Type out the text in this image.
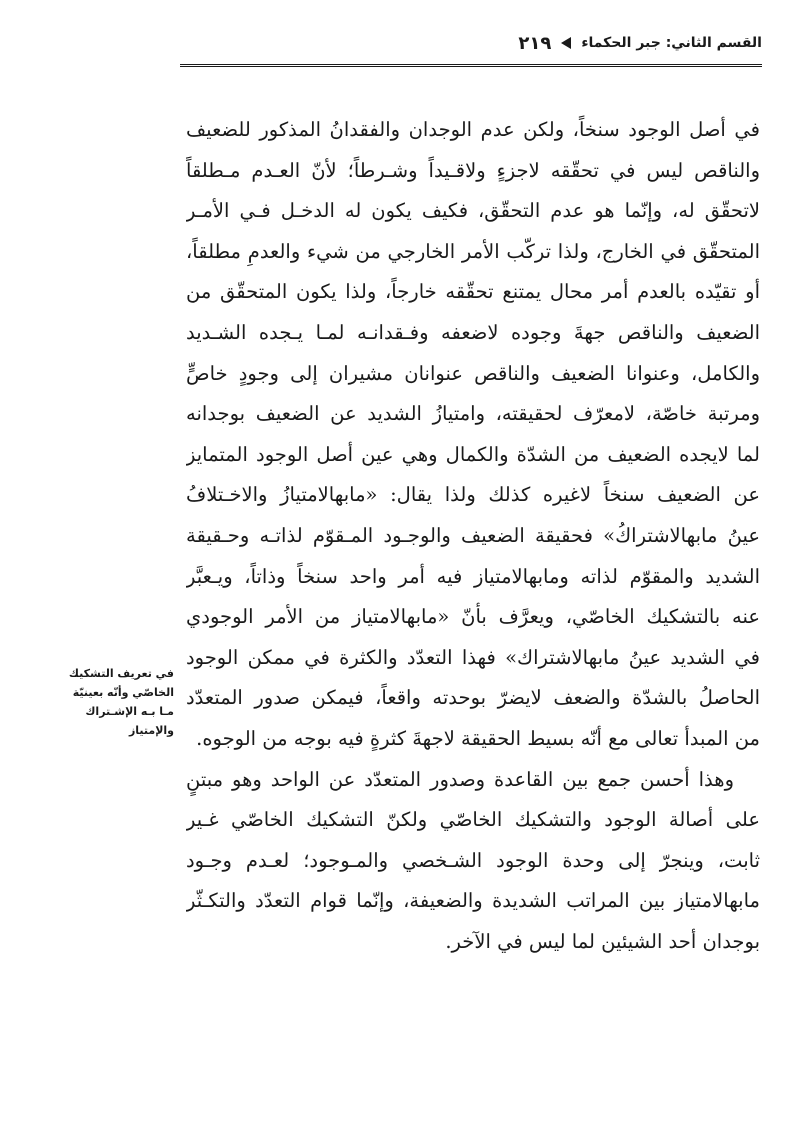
القسم الثاني: جبر الحكماء
٢١٩
في أصل الوجود سنخاً، ولكن عدم الوجدان والفقدانُ المذكور للضعيف
والناقص ليس في تحقّقه لاجزءٍ ولاقـيداً وشـرطاً؛ لأنّ العـدم مـطلقاً
لاتحقّق له، وإنّما هو عدم التحقّق، فكيف يكون له الدخـل فـي الأمـر
المتحقّق في الخارج، ولذا تركّب الأمر الخارجي من شيء والعدمِ مطلقاً،
أو تقيّده بالعدم أمر محال يمتنع تحقّقه خارجاً، ولذا يكون المتحقّق من
الضعيف والناقص جهةَ وجوده لاضعفه وفـقدانـه لمـا يـجده الشـديد
والكامل، وعنوانا الضعيف والناقص عنوانان مشيران إلى وجودٍ خاصٍّ
ومرتبة خاصّة، لامعرّف لحقيقته، وامتيازُ الشديد عن الضعيف بوجدانه
لما لايجده الضعيف من الشدّة والكمال وهي عين أصل الوجود المتمايز
عن الضعيف سنخاً لاغيره كذلك ولذا يقال: «مابهالامتيازُ والاخـتلافُ
عينُ مابهالاشتراكُ» فحقيقة الضعيف والوجـود المـقوّم لذاتـه وحـقيقة
الشديد والمقوّم لذاته ومابهالامتياز فيه أمر واحد سنخاً وذاتاً، ويـعبَّر
عنه بالتشكيك الخاصّي، ويعرَّف بأنّ «مابهالامتياز من الأمر الوجودي
في الشديد عينُ مابهالاشتراك» فهذا التعدّد والكثرة في ممكن الوجود
الحاصلُ بالشدّة والضعف لايضرّ بوحدته واقعاً، فيمكن صدور المتعدّد
من المبدأ تعالى مع أنّه بسيط الحقيقة لاجهةَ كثرةٍ فيه بوجه من الوجوه.
وهذا أحسن جمع بين القاعدة وصدور المتعدّد عن الواحد وهو مبتنٍ
على أصالة الوجود والتشكيك الخاصّي ولكنّ التشكيك الخاصّي غـير
ثابت، وينجرّ إلى وحدة الوجود الشـخصي والمـوجود؛ لعـدم وجـود
مابهالامتياز بين المراتب الشديدة والضعيفة، وإنّما قوام التعدّد والتكـثّر
بوجدان أحد الشيئين لما ليس في الآخر.
في تعريف التشكيك
الخاصّي وأنّه بعينيّة
مـا بـه الإشـتراك
والإمتياز
